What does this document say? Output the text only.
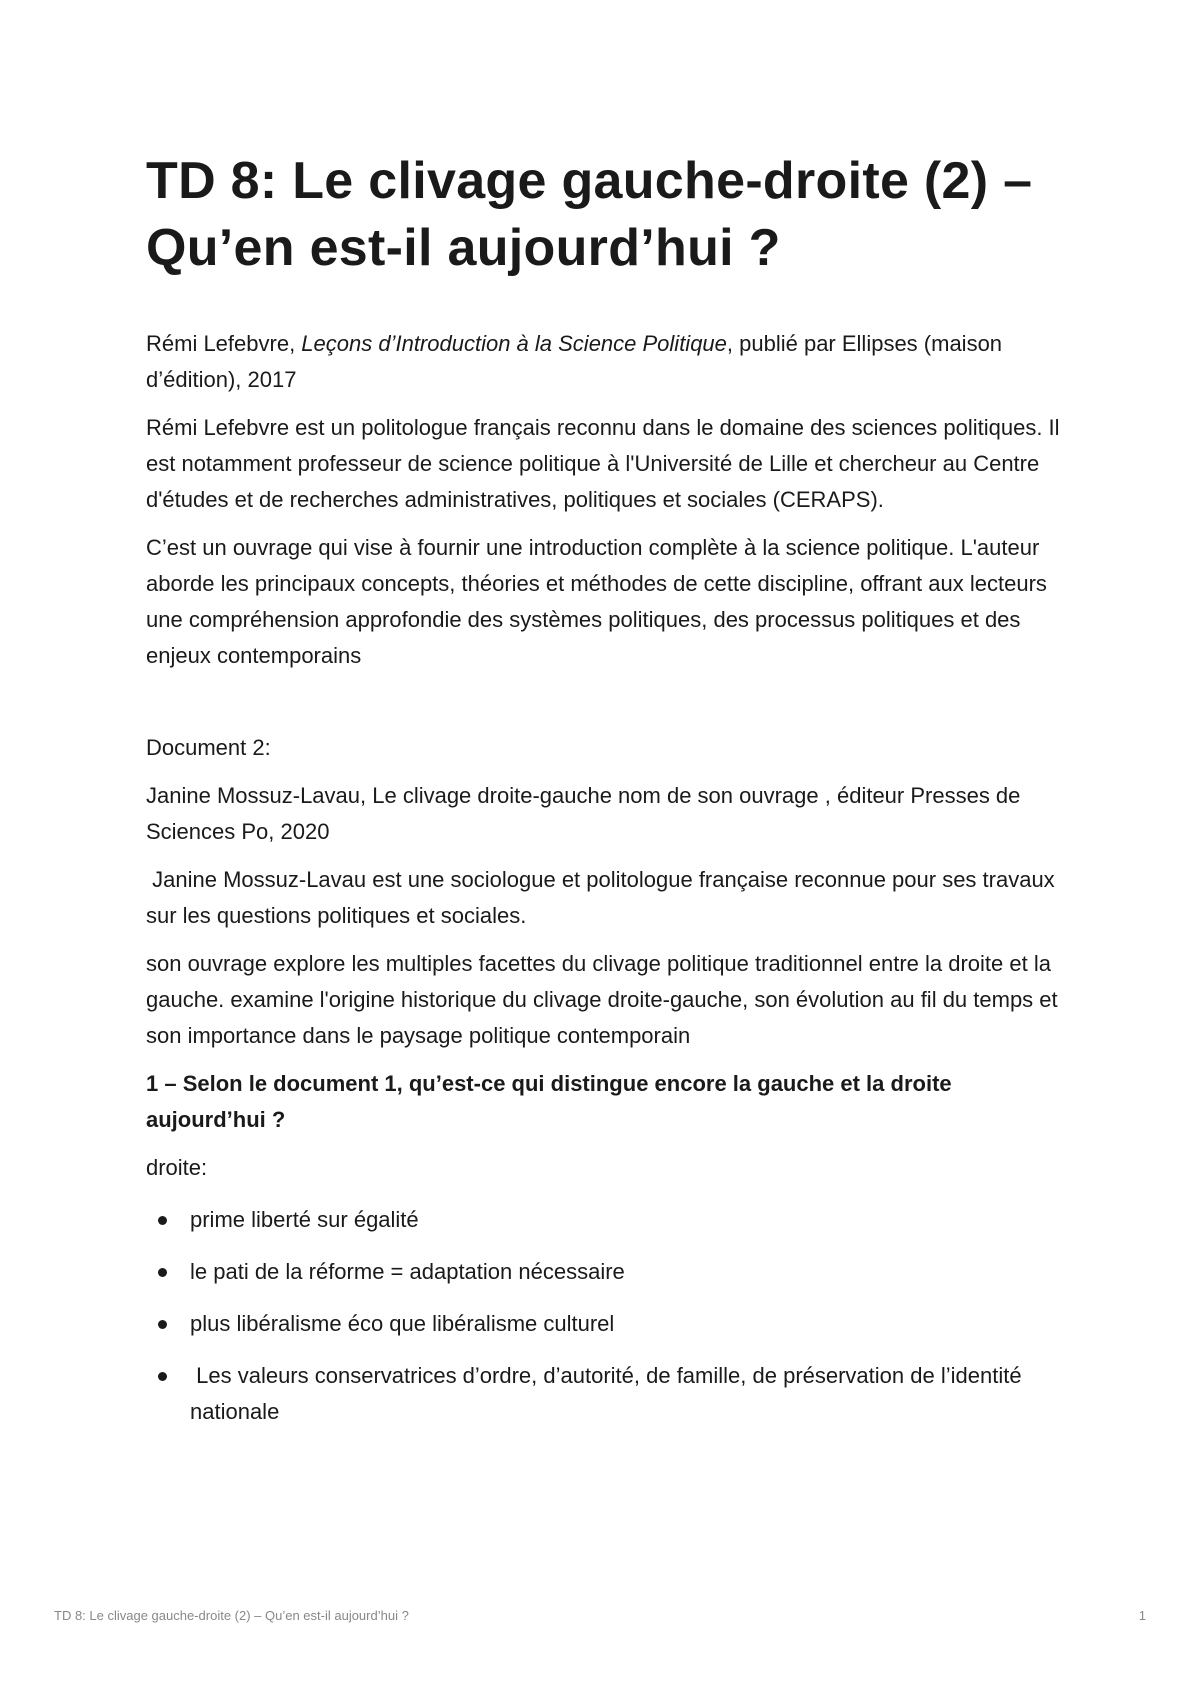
TD 8: Le clivage gauche-droite (2) – Qu’en est-il aujourd’hui ?

Rémi Lefebvre, Leçons d’Introduction à la Science Politique, publié par Ellipses (maison d’édition), 2017

Rémi Lefebvre est un politologue français reconnu dans le domaine des sciences politiques. Il est notamment professeur de science politique à l'Université de Lille et chercheur au Centre d'études et de recherches administratives, politiques et sociales (CERAPS).

C’est un ouvrage qui vise à fournir une introduction complète à la science politique. L'auteur aborde les principaux concepts, théories et méthodes de cette discipline, offrant aux lecteurs une compréhension approfondie des systèmes politiques, des processus politiques et des enjeux contemporains

Document 2:

Janine Mossuz-Lavau, Le clivage droite-gauche nom de son ouvrage , éditeur Presses de Sciences Po, 2020

Janine Mossuz-Lavau est une sociologue et politologue française reconnue pour ses travaux sur les questions politiques et sociales.

son ouvrage explore les multiples facettes du clivage politique traditionnel entre la droite et la gauche. examine l'origine historique du clivage droite-gauche, son évolution au fil du temps et son importance dans le paysage politique contemporain

1 – Selon le document 1, qu’est-ce qui distingue encore la gauche et la droite aujourd’hui ?

droite:

prime liberté sur égalité
le pati de la réforme = adaptation nécessaire
plus libéralisme éco que libéralisme culturel
Les valeurs conservatrices d’ordre, d’autorité, de famille, de préservation de l’identité nationale
TD 8: Le clivage gauche-droite (2) – Qu’en est-il aujourd’hui ?	1
